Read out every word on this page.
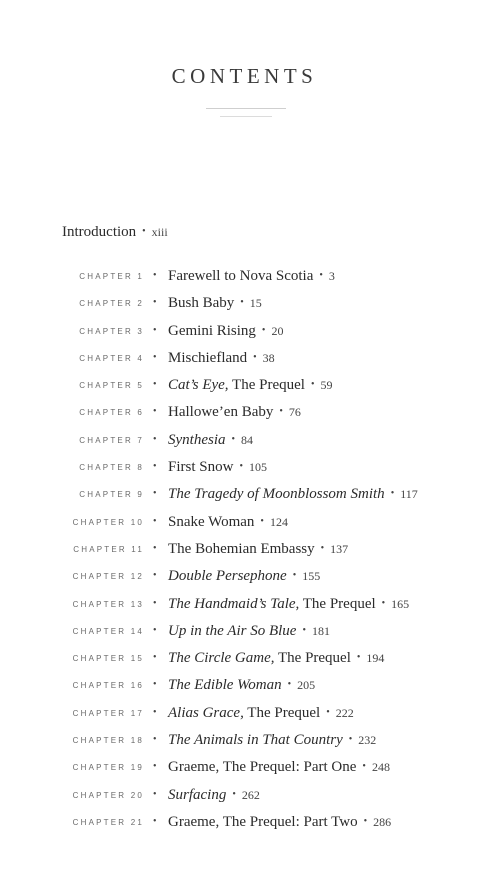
CONTENTS
Introduction • xiii
CHAPTER 1 • Farewell to Nova Scotia • 3
CHAPTER 2 • Bush Baby • 15
CHAPTER 3 • Gemini Rising • 20
CHAPTER 4 • Mischiefland • 38
CHAPTER 5 • Cat’s Eye, The Prequel • 59
CHAPTER 6 • Hallowe’en Baby • 76
CHAPTER 7 • Synthesia • 84
CHAPTER 8 • First Snow • 105
CHAPTER 9 • The Tragedy of Moonblossom Smith • 117
CHAPTER 10 • Snake Woman • 124
CHAPTER 11 • The Bohemian Embassy • 137
CHAPTER 12 • Double Persephone • 155
CHAPTER 13 • The Handmaid’s Tale, The Prequel • 165
CHAPTER 14 • Up in the Air So Blue • 181
CHAPTER 15 • The Circle Game, The Prequel • 194
CHAPTER 16 • The Edible Woman • 205
CHAPTER 17 • Alias Grace, The Prequel • 222
CHAPTER 18 • The Animals in That Country • 232
CHAPTER 19 • Graeme, The Prequel: Part One • 248
CHAPTER 20 • Surfacing • 262
CHAPTER 21 • Graeme, The Prequel: Part Two • 286
